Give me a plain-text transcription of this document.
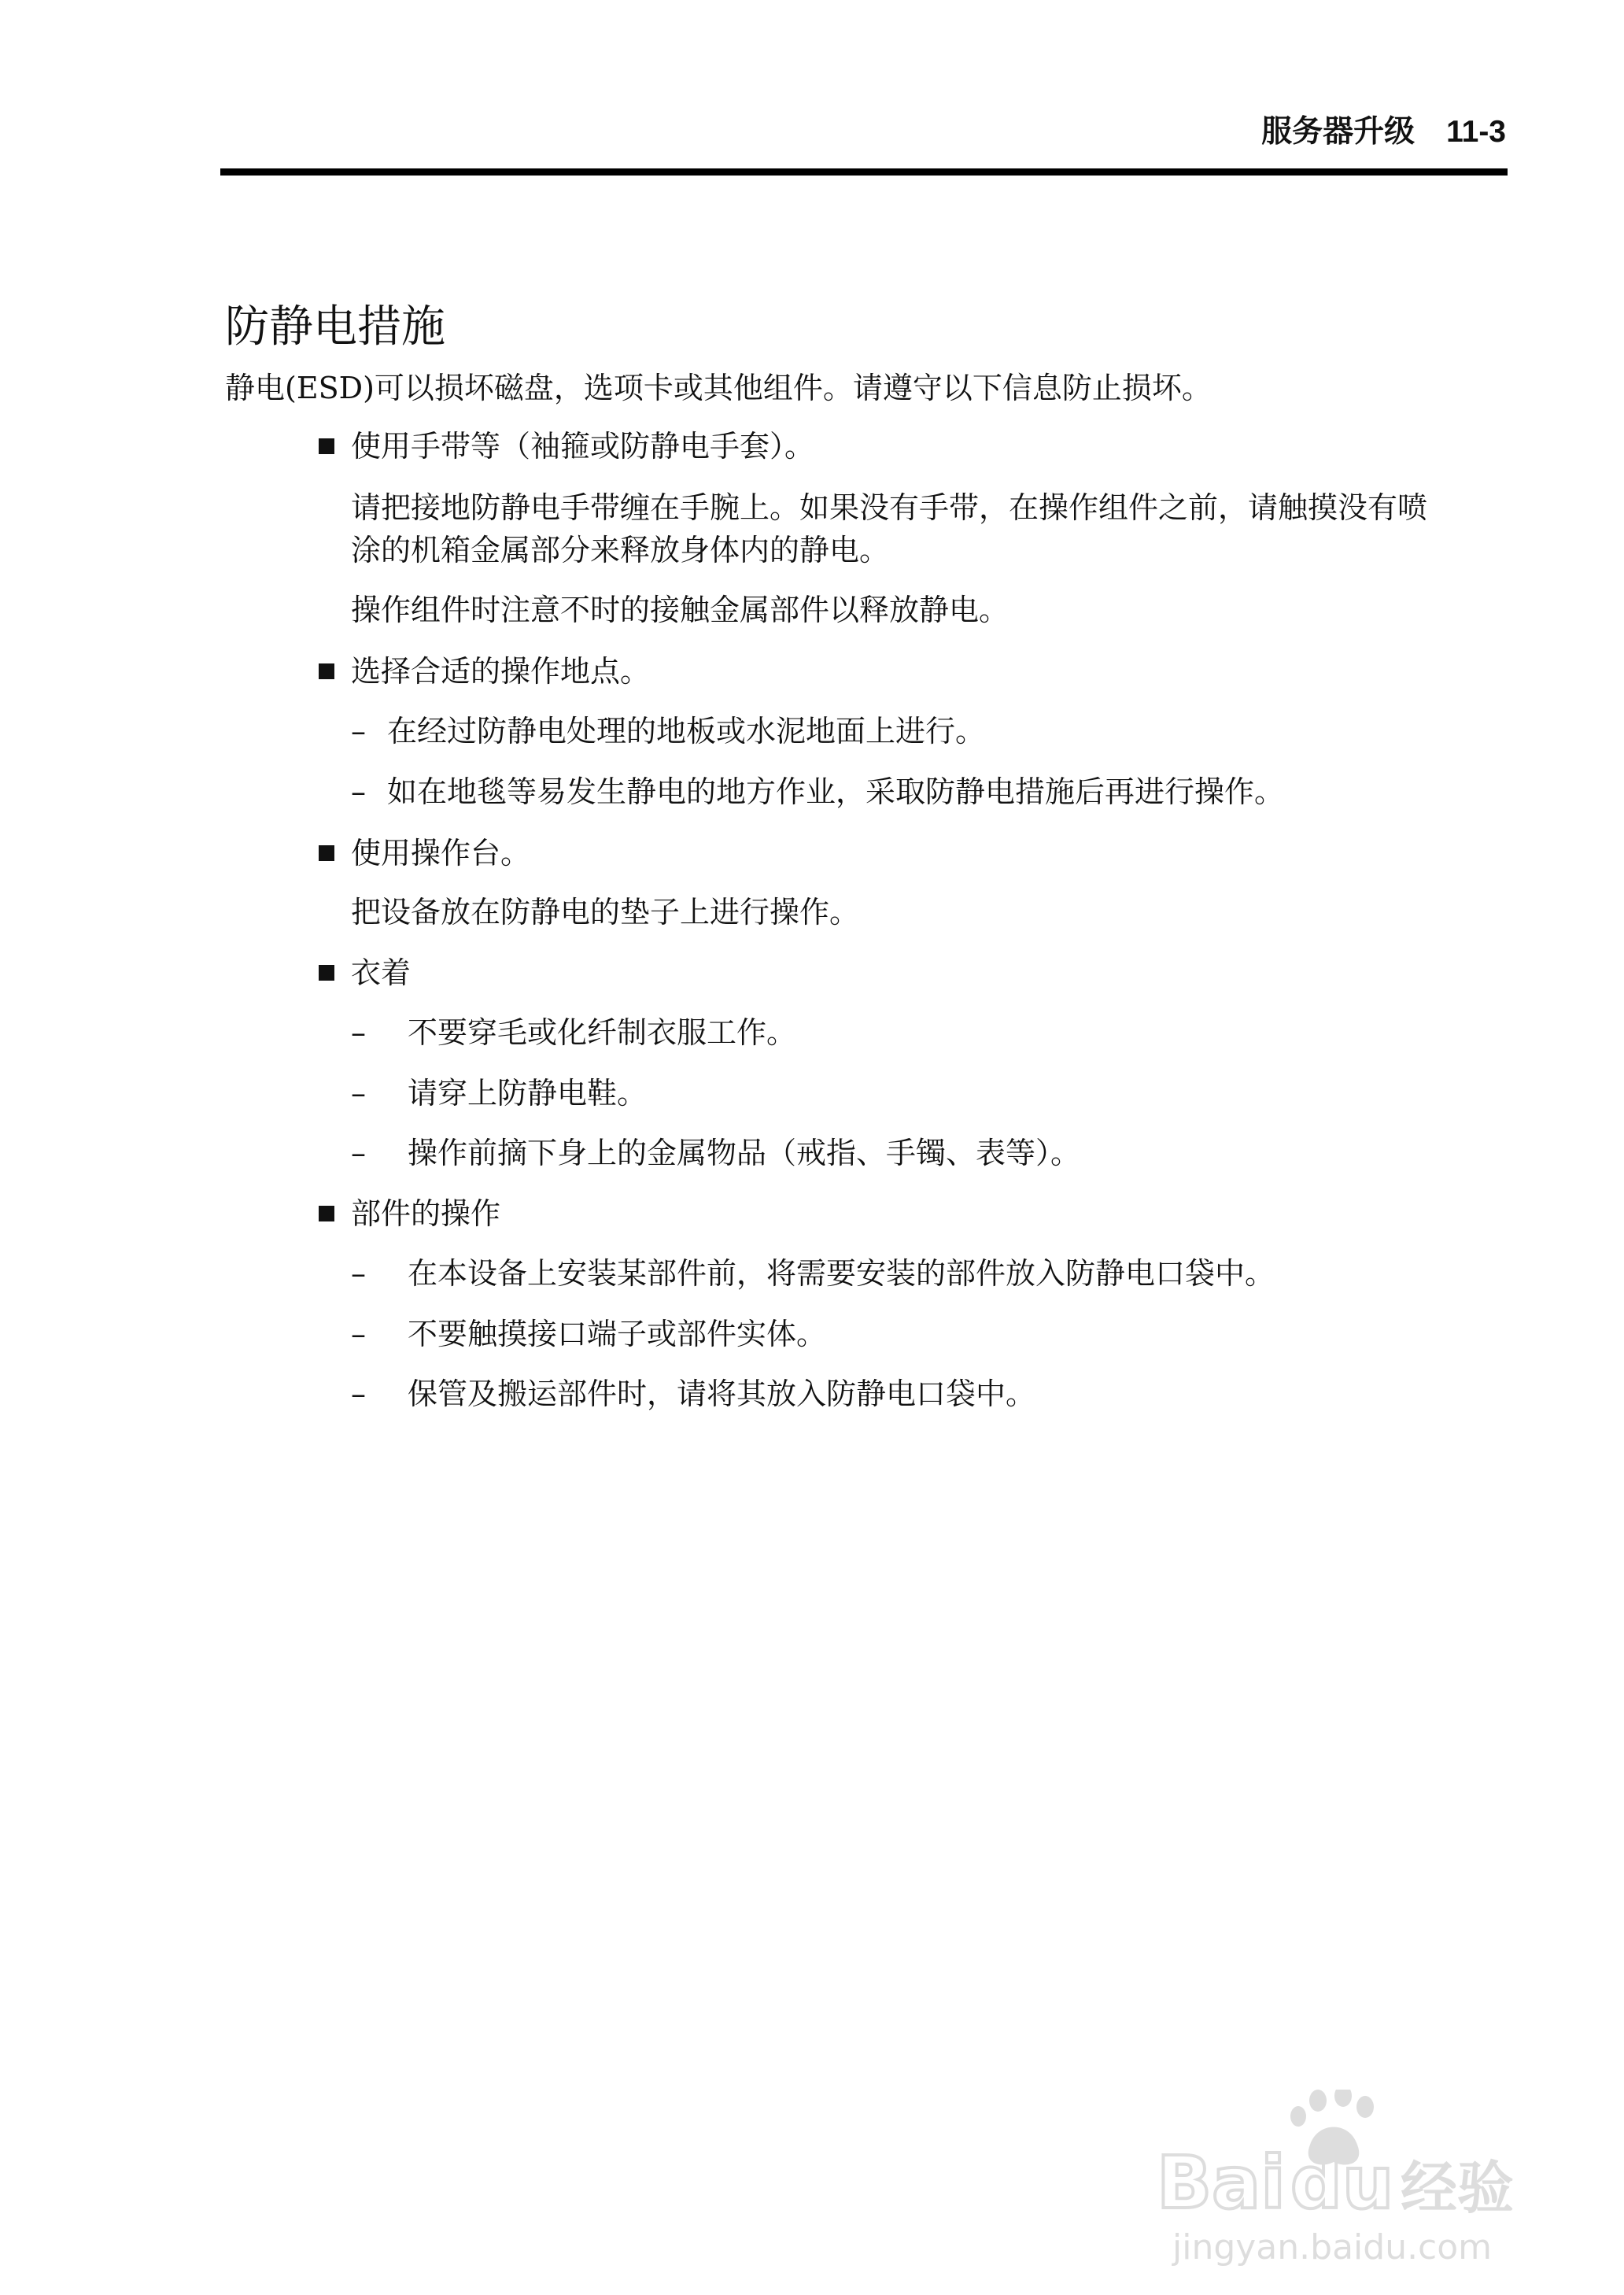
服务器升级 11-3
防静电措施
静电(ESD)可以损坏磁盘，选项卡或其他组件。请遵守以下信息防止损坏。
使用手带等（袖箍或防静电手套）。
请把接地防静电手带缠在手腕上。如果没有手带，在操作组件之前，请触摸没有喷
涂的机箱金属部分来释放身体内的静电。
操作组件时注意不时的接触金属部件以释放静电。
选择合适的操作地点。
– 在经过防静电处理的地板或水泥地面上进行。
– 如在地毯等易发生静电的地方作业，采取防静电措施后再进行操作。
使用操作台。
把设备放在防静电的垫子上进行操作。
衣着
– 不要穿毛或化纤制衣服工作。
– 请穿上防静电鞋。
– 操作前摘下身上的金属物品（戒指、手镯、表等）。
部件的操作
– 在本设备上安装某部件前，将需要安装的部件放入防静电口袋中。
– 不要触摸接口端子或部件实体。
– 保管及搬运部件时，请将其放入防静电口袋中。
Bai du 经验
jingyan.baidu.com
